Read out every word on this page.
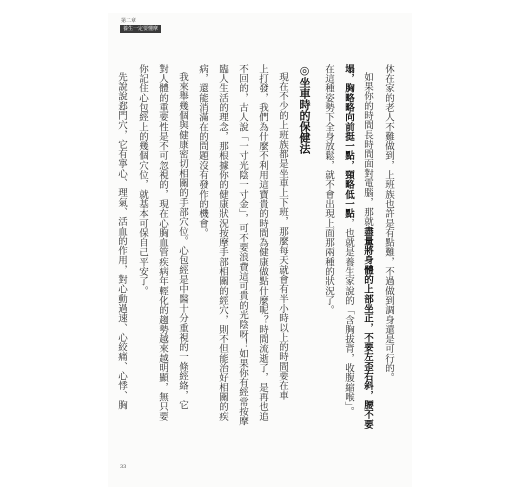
第二章
養生一定要懂摩
休在家的老人不難做到，上班族也許是有點難，不過做到調身還是可行的。
如果你的時間長時間面對電腦，那就盡量將身體的上部坐正，不要左歪右斜，腰不要
塌，胸略略向前挺一點，頸略低一點，也就是養生家說的「含胸拔背，收腹縮喉」。
在這種姿勢下全身放鬆，就不會出現上面那兩種的狀況了。
◎坐車時的保健法
現在不少的上班族都是坐車上下班，那麼每天就會有半小時以上的時間要在車
上打發，我們為什麼不利用這寶貴的時間為健康做點什麼呢？時間流逝了，是再也追
不回的，古人說「一寸光陰一寸金」，可不要浪費這可貴的光陰呀！如果你有經常按摩
臨人生活的理念，那根據你的健康狀況按摩手部相關的經穴，則不但能治好相關的疾
病，還能消滿在的問題沒有發作的機會。
我來舉幾個與健康密切相關的手部穴位。心包經是中醫十分重視的一條經絡，它
對人體的重要性是不可忽視的，現在心胸血管疾病年輕化的趨勢越來越明顯，無只要
你記住心包經上的幾個穴位，就基本可保自己平安了。
先說說郄門穴，它有寧心、理氣、活血的作用，對心動過速、心絞痛、心悸、胸
33
